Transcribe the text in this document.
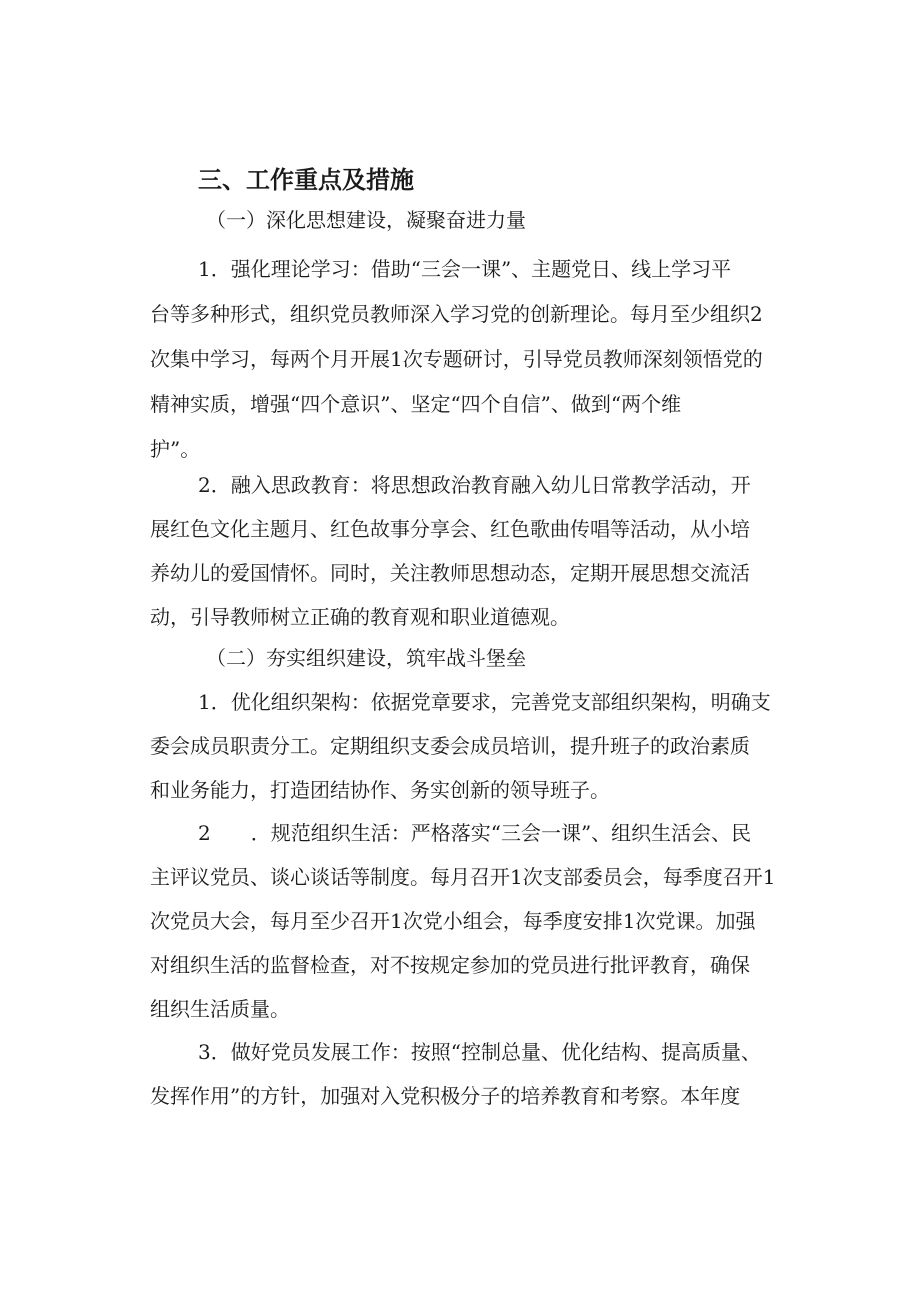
三、工作重点及措施
（一）深化思想建设，凝聚奋进力量
1．强化理论学习：借助“三会一课”、主题党日、线上学习平
台等多种形式，组织党员教师深入学习党的创新理论。每月至少组织2
次集中学习，每两个月开展1次专题研讨，引导党员教师深刻领悟党的
精神实质，增强“四个意识”、坚定“四个自信”、做到“两个维
护”。
2．融入思政教育：将思想政治教育融入幼儿日常教学活动，开
展红色文化主题月、红色故事分享会、红色歌曲传唱等活动，从小培
养幼儿的爱国情怀。同时，关注教师思想动态，定期开展思想交流活
动，引导教师树立正确的教育观和职业道德观。
（二）夯实组织建设，筑牢战斗堡垒
1．优化组织架构：依据党章要求，完善党支部组织架构，明确支
委会成员职责分工。定期组织支委会成员培训，提升班子的政治素质
和业务能力，打造团结协作、务实创新的领导班子。
2　　．规范组织生活：严格落实“三会一课”、组织生活会、民
主评议党员、谈心谈话等制度。每月召开1次支部委员会，每季度召开1
次党员大会，每月至少召开1次党小组会，每季度安排1次党课。加强
对组织生活的监督检查，对不按规定参加的党员进行批评教育，确保
组织生活质量。
3．做好党员发展工作：按照“控制总量、优化结构、提高质量、
发挥作用”的方针，加强对入党积极分子的培养教育和考察。本年度
